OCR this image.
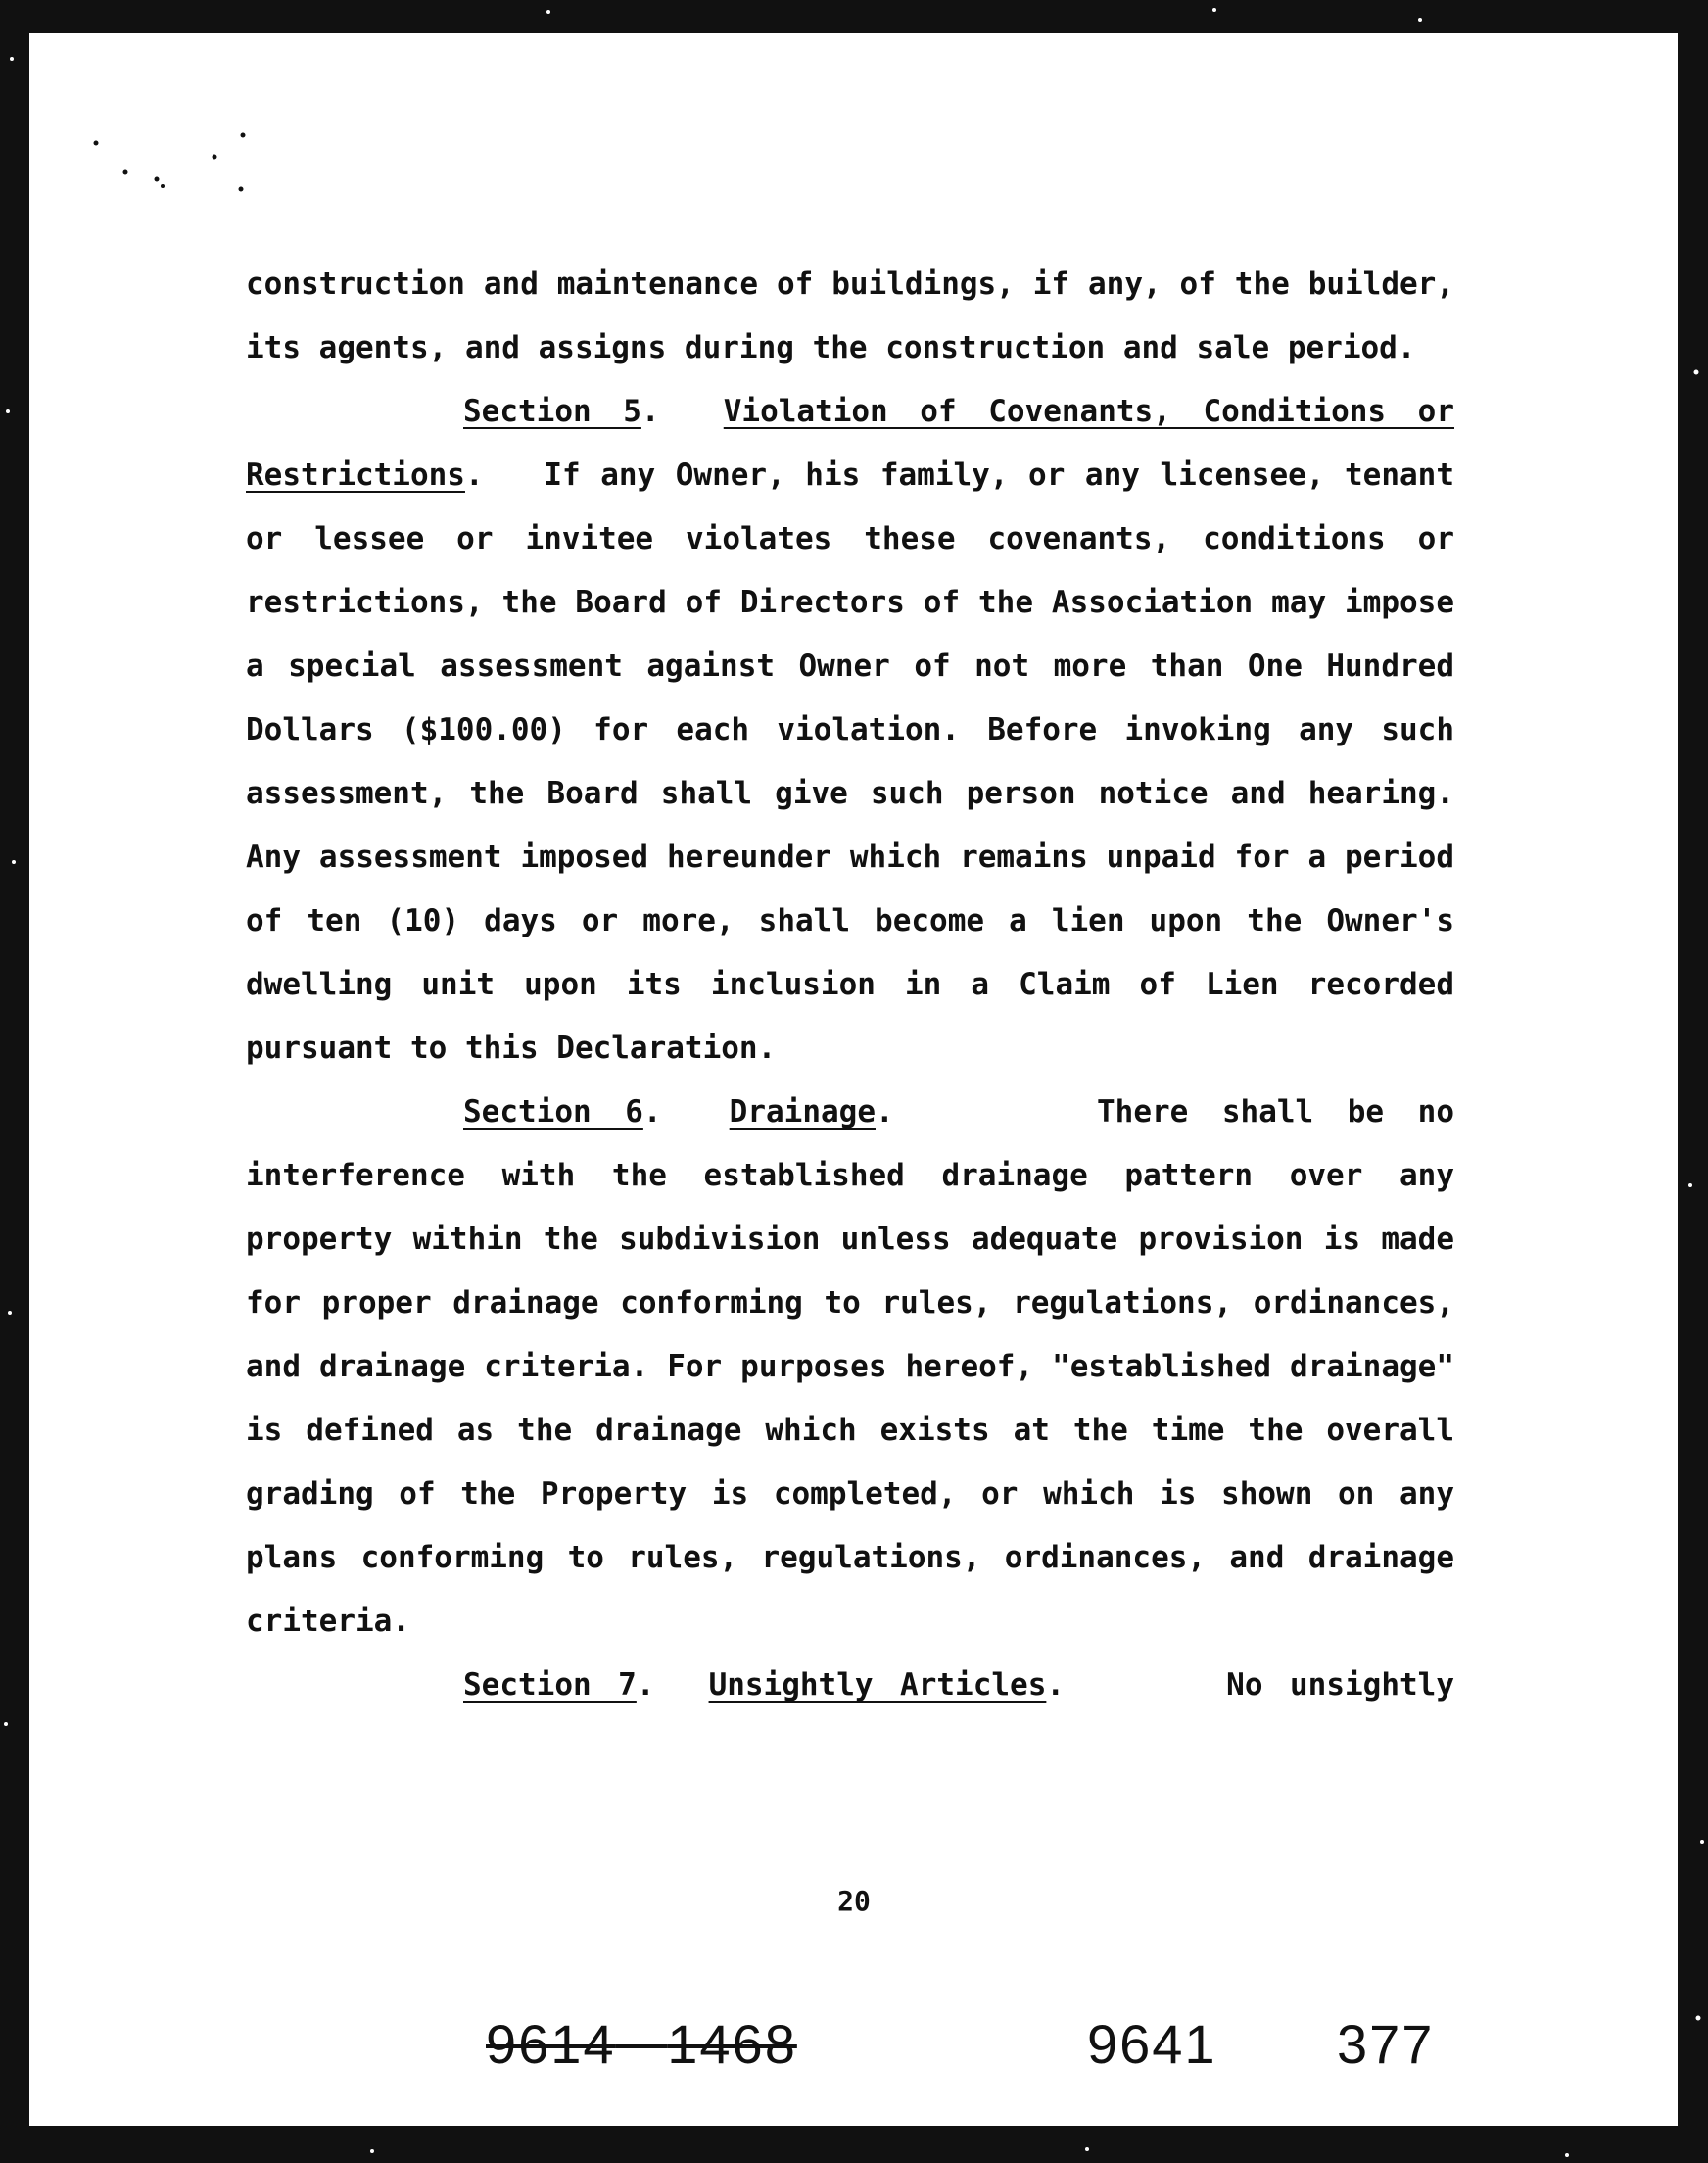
construction and maintenance of buildings, if any, of the builder, its agents, and assigns during the construction and sale period.

Section 5.  Violation of Covenants, Conditions or Restrictions.   If any Owner, his family, or any licensee, tenant or lessee or invitee violates these covenants, conditions or restrictions, the Board of Directors of the Association may impose a special assessment against Owner of not more than One Hundred Dollars ($100.00) for each violation. Before invoking any such assessment, the Board shall give such person notice and hearing. Any assessment imposed hereunder which remains unpaid for a period of ten (10) days or more, shall become a lien upon the Owner's dwelling unit upon its inclusion in a Claim of Lien recorded pursuant to this Declaration.

Section 6.  Drainage.      There shall be no interference with the established drainage pattern over any property within the subdivision unless adequate provision is made for proper drainage conforming to rules, regulations, ordinances, and drainage criteria. For purposes hereof, "established drainage" is defined as the drainage which exists at the time the overall grading of the Property is completed, or which is shown on any plans conforming to rules, regulations, ordinances, and drainage criteria.

Section 7.  Unsightly Articles.      No unsightly

20
9614 1468	9641 377
